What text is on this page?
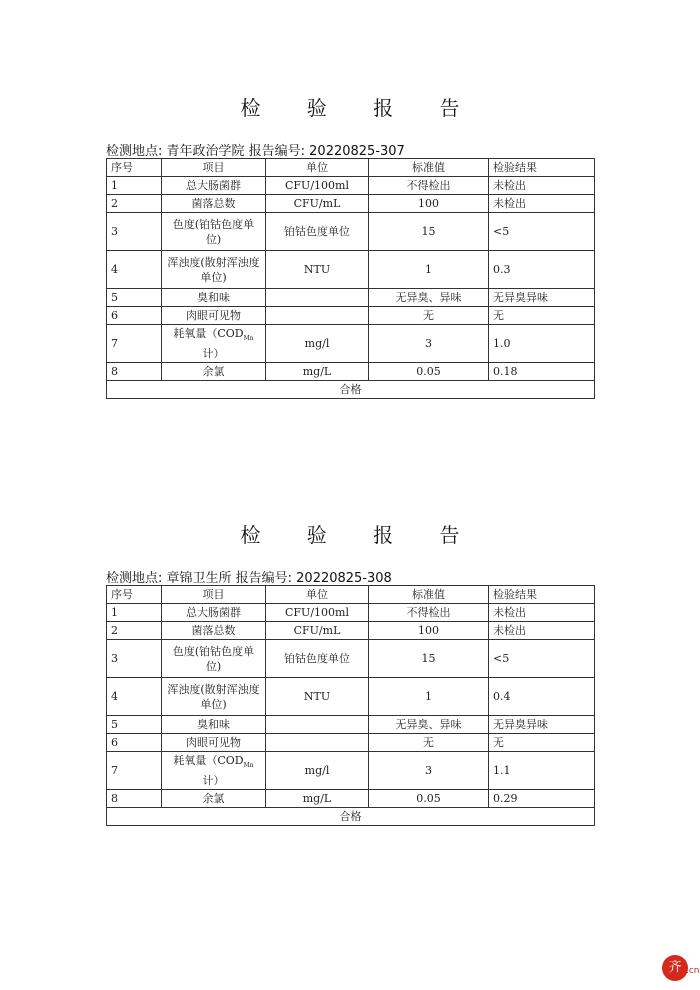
检 验 报 告
检测地点: 青年政治学院 报告编号: 20220825-307
序号	项目	单位	标准值	检验结果
1	总大肠菌群	CFU/100ml	不得检出	未检出
2	菌落总数	CFU/mL	100	未检出
3	色度(铂钴色度单位)	铂钴色度单位	15	<5
4	浑浊度(散射浑浊度单位)	NTU	1	0.3
5	臭和味		无异臭、异味	无异臭异味
6	肉眼可见物		无	无
7	耗氧量（$COD_{Mn}$计）	mg/l	3	1.0
8	余氯	mg/L	0.05	0.18
合格				
检 验 报 告
检测地点: 章锦卫生所 报告编号: 20220825-308
序号	项目	单位	标准值	检验结果
1	总大肠菌群	CFU/100ml	不得检出	未检出
2	菌落总数	CFU/mL	100	未检出
3	色度(铂钴色度单位)	铂钴色度单位	15	<5
4	浑浊度(散射浑浊度单位)	NTU	1	0.4
5	臭和味		无异臭、异味	无异臭异味
6	肉眼可见物		无	无
7	耗氧量（$COD_{Mn}$计）	mg/l	3	1.1
8	余氯	mg/L	0.05	0.29
合格				
齐 .cn
